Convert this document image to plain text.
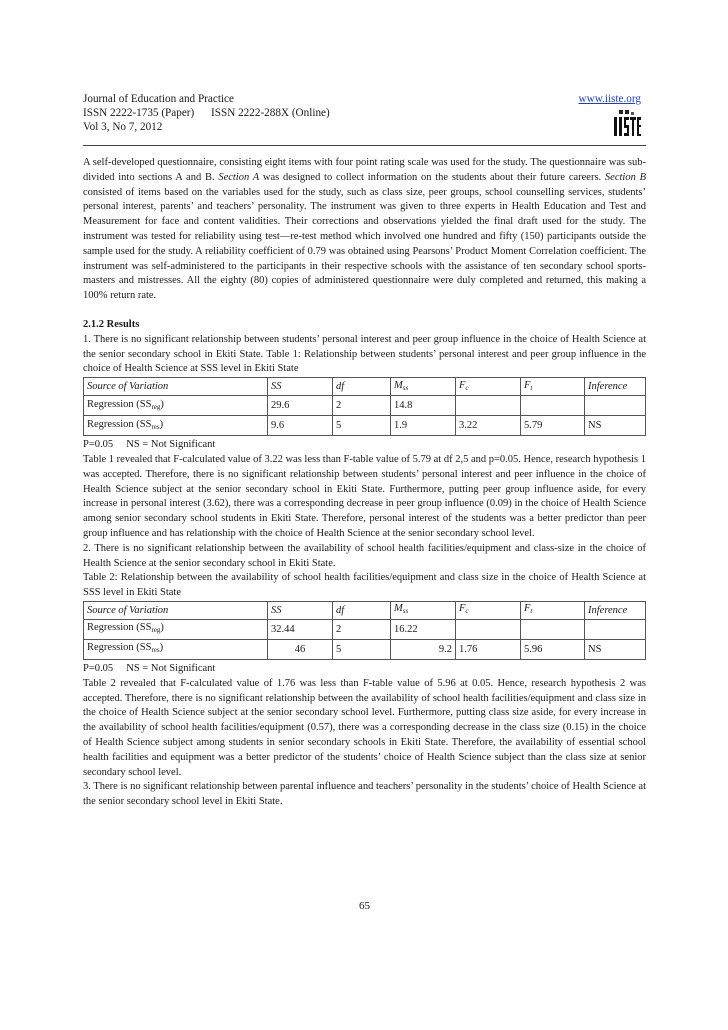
Journal of Education and Practice
ISSN 2222-1735 (Paper)      ISSN 2222-288X (Online)
Vol 3, No 7, 2012
www.iiste.org

A self-developed questionnaire, consisting eight items with four point rating scale was used for the study. The questionnaire was sub-divided into sections A and B. Section A was designed to collect information on the students about their future careers. Section B consisted of items based on the variables used for the study, such as class size, peer groups, school counselling services, students’ personal interest, parents’ and teachers’ personality. The instrument was given to three experts in Health Education and Test and Measurement for face and content validities. Their corrections and observations yielded the final draft used for the study. The instrument was tested for reliability using test—re-test method which involved one hundred and fifty (150) participants outside the sample used for the study. A reliability coefficient of 0.79 was obtained using Pearsons’ Product Moment Correlation coefficient. The instrument was self-administered to the participants in their respective schools with the assistance of ten secondary school sports-masters and mistresses. All the eighty (80) copies of administered questionnaire were duly completed and returned, this making a 100% return rate.

2.1.2 Results

1. There is no significant relationship between students’ personal interest and peer group influence in the choice of Health Science at the senior secondary school in Ekiti State. Table 1: Relationship between students’ personal interest and peer group influence in the choice of Health Science at SSS level in Ekiti State

Source of Variation	SS	df	$M_{ss}$	$F_c$	$F_t$	Inference
Regression $(SS_{reg})$	29.6	2	14.8			
Regression $(SS_{res})$	9.6	5	1.9	3.22	5.79	NS
P=0.05     NS = Not Significant

Table 1 revealed that F-calculated value of 3.22 was less than F-table value of 5.79 at df 2,5 and p=0.05. Hence, research hypothesis 1 was accepted. Therefore, there is no significant relationship between students’ personal interest and peer influence in the choice of Health Science subject at the senior secondary school in Ekiti State. Furthermore, putting peer group influence aside, for every increase in personal interest (3.62), there was a corresponding decrease in peer group influence (0.09) in the choice of Health Science among senior secondary school students in Ekiti State. Therefore, personal interest of the students was a better predictor than peer group influence and has relationship with the choice of Health Science at the senior secondary school level.

2. There is no significant relationship between the availability of school health facilities/equipment and class-size in the choice of Health Science at the senior secondary school in Ekiti State.

Table 2: Relationship between the availability of school health facilities/equipment and class size in the choice of Health Science at SSS level in Ekiti State

Source of Variation	SS	df	$M_{ss}$	$F_c$	$F_t$	Inference
Regression $(SS_{reg})$	32.44	2	16.22			
Regression $(SS_{res})$	46	5	9.2	1.76	5.96	NS
P=0.05     NS = Not Significant

Table 2 revealed that F-calculated value of 1.76 was less than F-table value of 5.96 at 0.05. Hence, research hypothesis 2 was accepted. Therefore, there is no significant relationship between the availability of school health facilities/equipment and class size in the choice of Health Science subject at the senior secondary school level. Furthermore, putting class size aside, for every increase in the availability of school health facilities/equipment (0.57), there was a corresponding decrease in the class size (0.15) in the choice of Health Science subject among students in senior secondary schools in Ekiti State. Therefore, the availability of essential school health facilities and equipment was a better predictor of the students’ choice of Health Science subject than the class size at senior secondary school level.

3. There is no significant relationship between parental influence and teachers’ personality in the students’ choice of Health Science at the senior secondary school level in Ekiti State.

65
